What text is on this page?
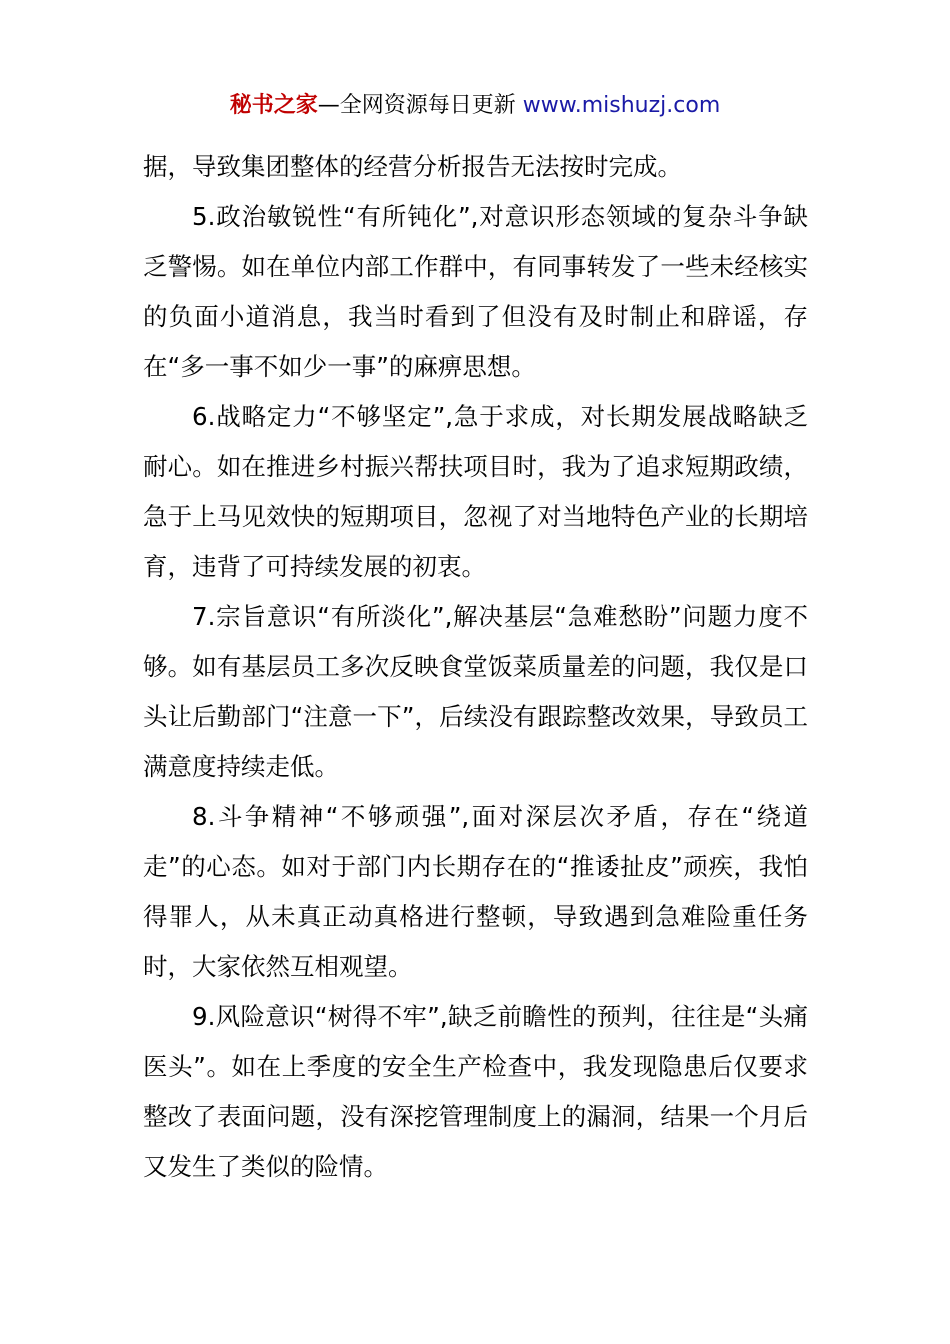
秘书之家—全网资源每日更新 www.mishuzj.com

据，导致集团整体的经营分析报告无法按时完成。

5.政治敏锐性“有所钝化”,对意识形态领域的复杂斗争缺乏警惕。如在单位内部工作群中，有同事转发了一些未经核实的负面小道消息，我当时看到了但没有及时制止和辟谣，存在“多一事不如少一事”的麻痹思想。

6.战略定力“不够坚定”,急于求成，对长期发展战略缺乏耐心。如在推进乡村振兴帮扶项目时，我为了追求短期政绩，急于上马见效快的短期项目，忽视了对当地特色产业的长期培育，违背了可持续发展的初衷。

7.宗旨意识“有所淡化”,解决基层“急难愁盼”问题力度不够。如有基层员工多次反映食堂饭菜质量差的问题，我仅是口头让后勤部门“注意一下”，后续没有跟踪整改效果，导致员工满意度持续走低。

8.斗争精神“不够顽强”,面对深层次矛盾，存在“绕道走”的心态。如对于部门内长期存在的“推诿扯皮”顽疾，我怕得罪人，从未真正动真格进行整顿，导致遇到急难险重任务时，大家依然互相观望。

9.风险意识“树得不牢”,缺乏前瞻性的预判，往往是“头痛医头”。如在上季度的安全生产检查中，我发现隐患后仅要求整改了表面问题，没有深挖管理制度上的漏洞，结果一个月后又发生了类似的险情。
